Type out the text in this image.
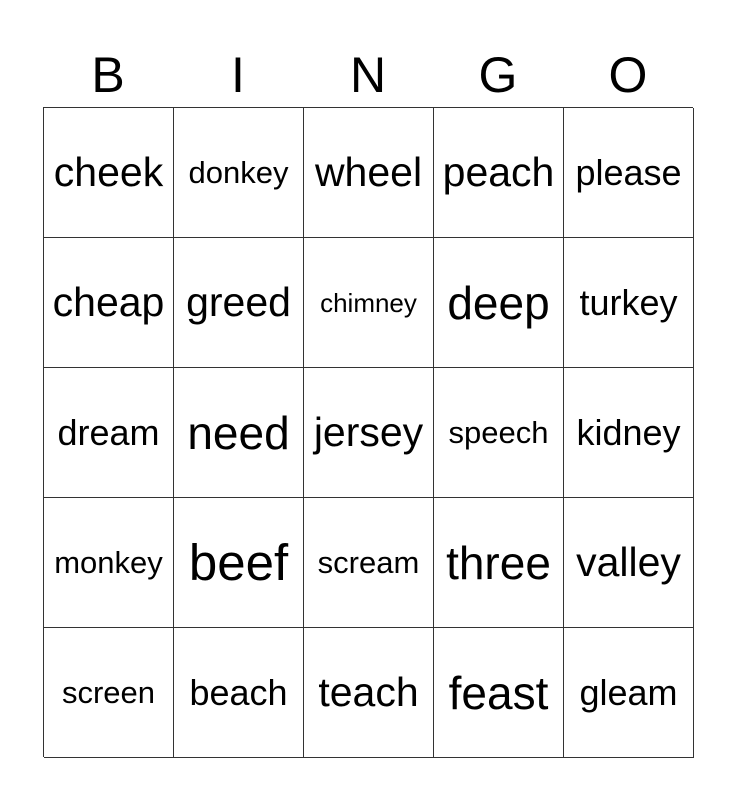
B	I	N	G	O
cheek donkey wheel peach please
cheap greed	chimney deep turkey
dream need jersey speech kidney
monkey beef scream three valley
screen beach teach feast gleam
